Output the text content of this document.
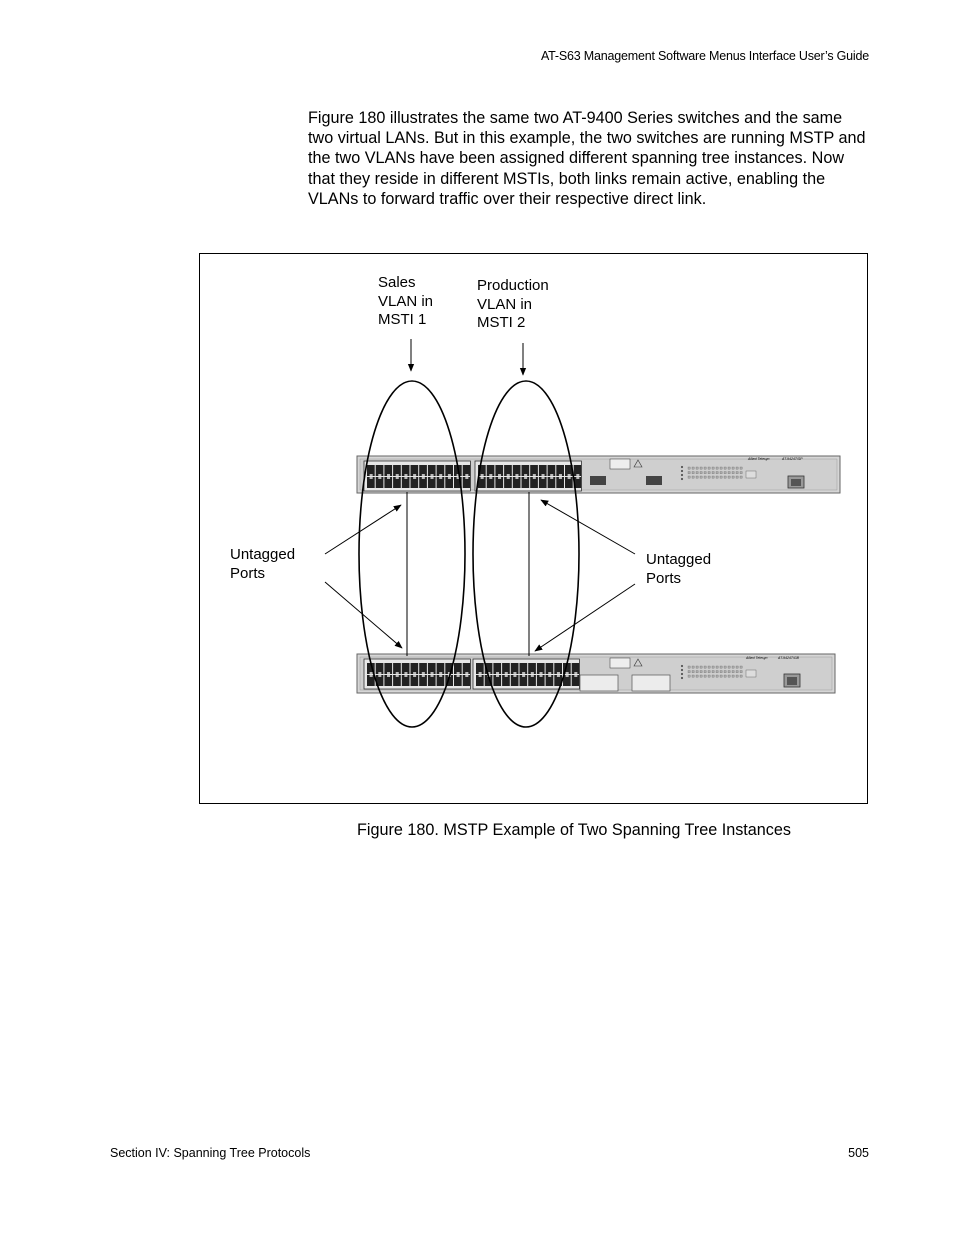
AT-S63 Management Software Menus Interface User’s Guide

Figure 180 illustrates the same two AT-9400 Series switches and the same two virtual LANs. But in this example, the two switches are running MSTP and the two VLANs have been assigned different spanning tree instances. Now that they reside in different MSTIs, both links remain active, enabling the VLANs to forward traffic over their respective direct link.

AT-9424T/SP
Allied Telesyn
AT-9424T/GB
Allied Telesyn
Sales
VLAN in
MSTI 1
Production
VLAN in
MSTI 2
Untagged
Ports
Untagged
Ports
Figure 180. MSTP Example of Two Spanning Tree Instances
Section IV: Spanning Tree Protocols	505
